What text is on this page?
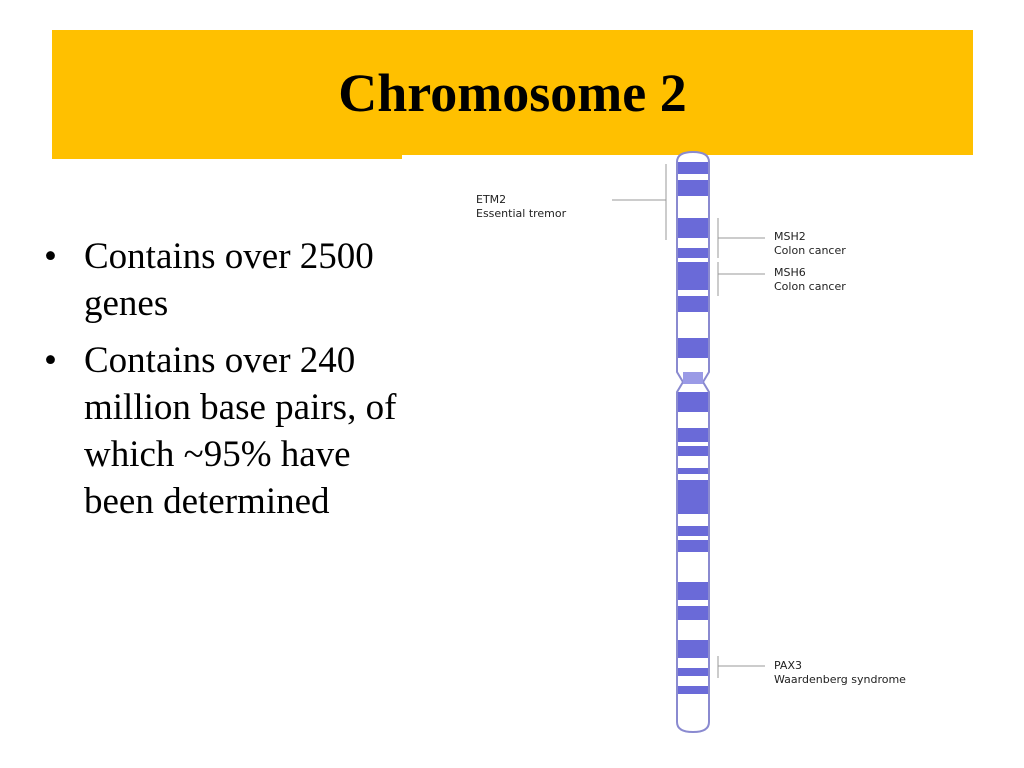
Chromosome 2
• Contains over 2500 genes
• Contains over 240 million base pairs, of which ~95% have been determined
ETM2
Essential tremor
MSH2
Colon cancer
MSH6
Colon cancer
PAX3
Waardenberg syndrome
